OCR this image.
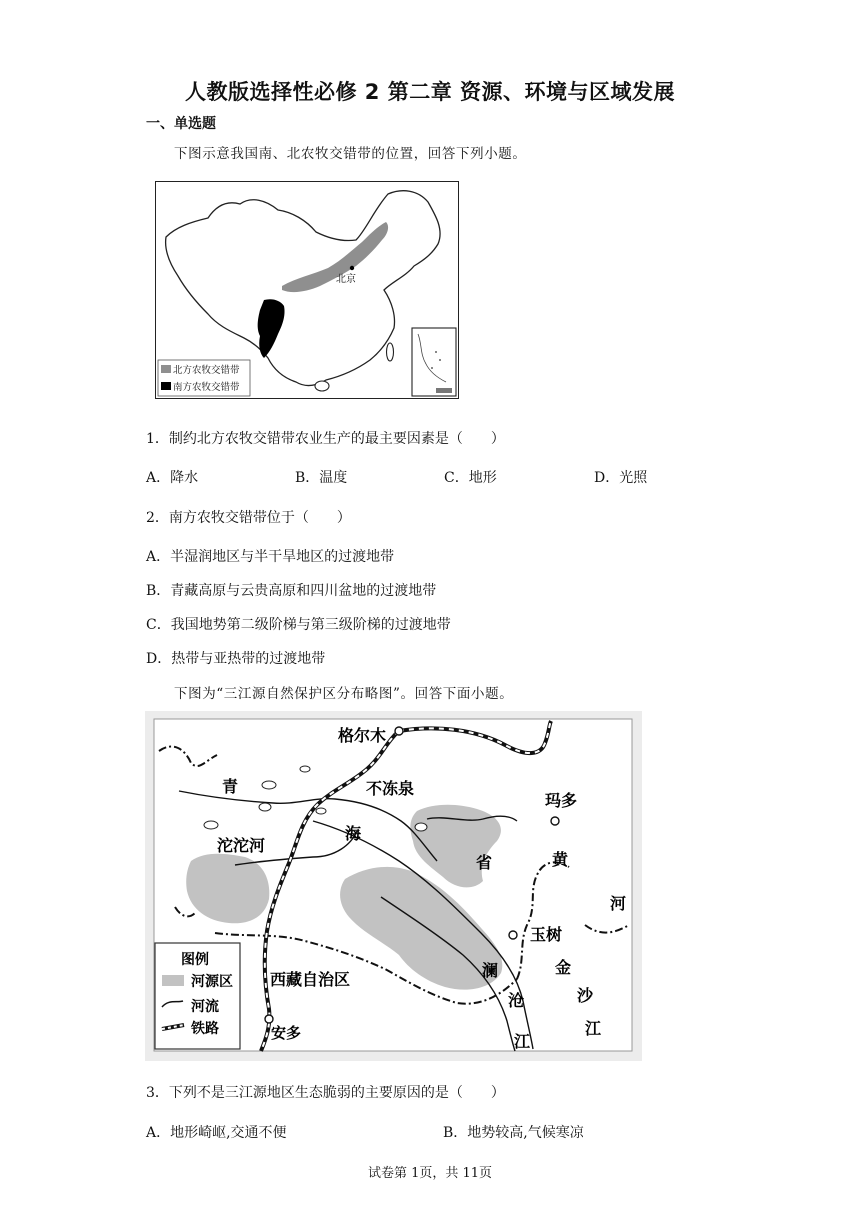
人教版选择性必修 2 第二章 资源、环境与区域发展
一、单选题
下图示意我国南、北农牧交错带的位置，回答下列小题。
北京
北方农牧交错带
南方农牧交错带
1．制约北方农牧交错带农业生产的最主要因素是（　　）
A．降水	B．温度	C．地形	D．光照
2．南方农牧交错带位于（　　）
A．半湿润地区与半干旱地区的过渡地带
B．青藏高原与云贵高原和四川盆地的过渡地带
C．我国地势第二级阶梯与第三级阶梯的过渡地带
D．热带与亚热带的过渡地带
下图为“三江源自然保护区分布略图”。回答下面小题。
格尔木
不冻泉
玛多
青
海
省
沱沱河
黄
河
玉树
金
沙
江
澜
沧
江
西藏自治区
安多
图例
河源区
河流
铁路
3．下列不是三江源地区生态脆弱的主要原因的是（　　）
A．地形崎岖,交通不便	B．地势较高,气候寒凉
试卷第 1页，共 11页
